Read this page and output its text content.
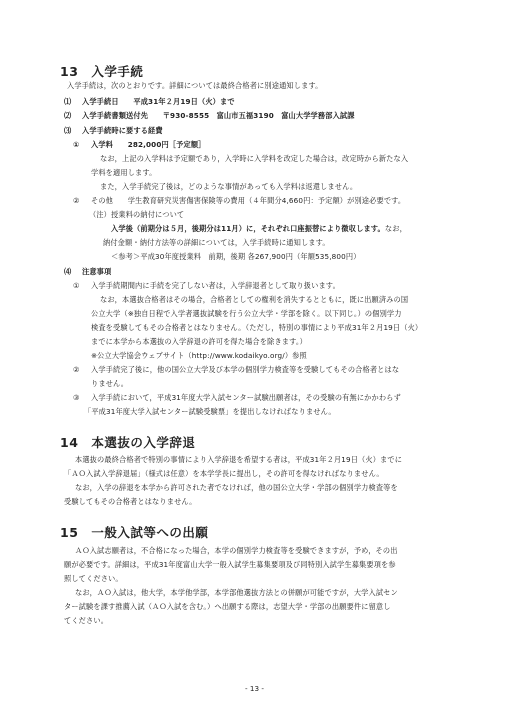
13　入学手続
入学手続は，次のとおりです。詳細については最終合格者に別途通知します。
⑴ 入学手続日　　平成31年２月19日（火）まで
⑵ 入学手続書類送付先　　〒930-8555　富山市五福3190　富山大学学務部入試課
⑶ 入学手続時に要する経費
① 入学料　　282,000円［予定額］
なお，上記の入学料は予定額であり，入学時に入学料を改定した場合は，改定時から新たな入
学料を適用します。
また，入学手続完了後は，どのような事情があっても入学料は返還しません。
② その他　　学生教育研究災害傷害保険等の費用（４年間分4,660円：予定額）が別途必要です。
（注）授業料の納付について
入学後（前期分は５月，後期分は11月）に，それぞれ口座振替により徴収します。なお，
納付金額・納付方法等の詳細については，入学手続時に通知します。
＜参考＞平成30年度授業料　前期，後期 各267,900円（年額535,800円）
⑷ 注意事項
① 入学手続期間内に手続を完了しない者は，入学辞退者として取り扱います。
なお，本選抜合格者はその場合，合格者としての権利を消失するとともに，既に出願済みの国
公立大学（※独自日程で入学者選抜試験を行う公立大学・学部を除く。以下同じ。）の個別学力
検査を受験してもその合格者とはなりません。（ただし，特別の事情により平成31年２月19日（火）
までに本学から本選抜の入学辞退の許可を得た場合を除きます。）
※公立大学協会ウェブサイト（http://www.kodaikyo.org/）参照
② 入学手続完了後に，他の国公立大学及び本学の個別学力検査等を受験してもその合格者とはな
りません。
③ 入学手続において，平成31年度大学入試センター試験出願者は，その受験の有無にかかわらず
「平成31年度大学入試センター試験受験票」を提出しなければなりません。
14　本選抜の入学辞退
本選抜の最終合格者で特別の事情により入学辞退を希望する者は，平成31年２月19日（火）までに
「ＡＯ入試入学辞退届」（様式は任意）を本学学長に提出し，その許可を得なければなりません。
なお，入学の辞退を本学から許可された者でなければ，他の国公立大学・学部の個別学力検査等を
受験してもその合格者とはなりません。
15　一般入試等への出願
ＡＯ入試志願者は，不合格になった場合，本学の個別学力検査等を受験できますが，予め，その出
願が必要です。詳細は，平成31年度富山大学一般入試学生募集要項及び同特別入試学生募集要項を参
照してください。
なお，ＡＯ入試は，他大学，本学他学部，本学部他選抜方法との併願が可能ですが，大学入試セン
ター試験を課す推薦入試（ＡＯ入試を含む。）へ出願する際は，志望大学・学部の出願要件に留意し
てください。
- 13 -
